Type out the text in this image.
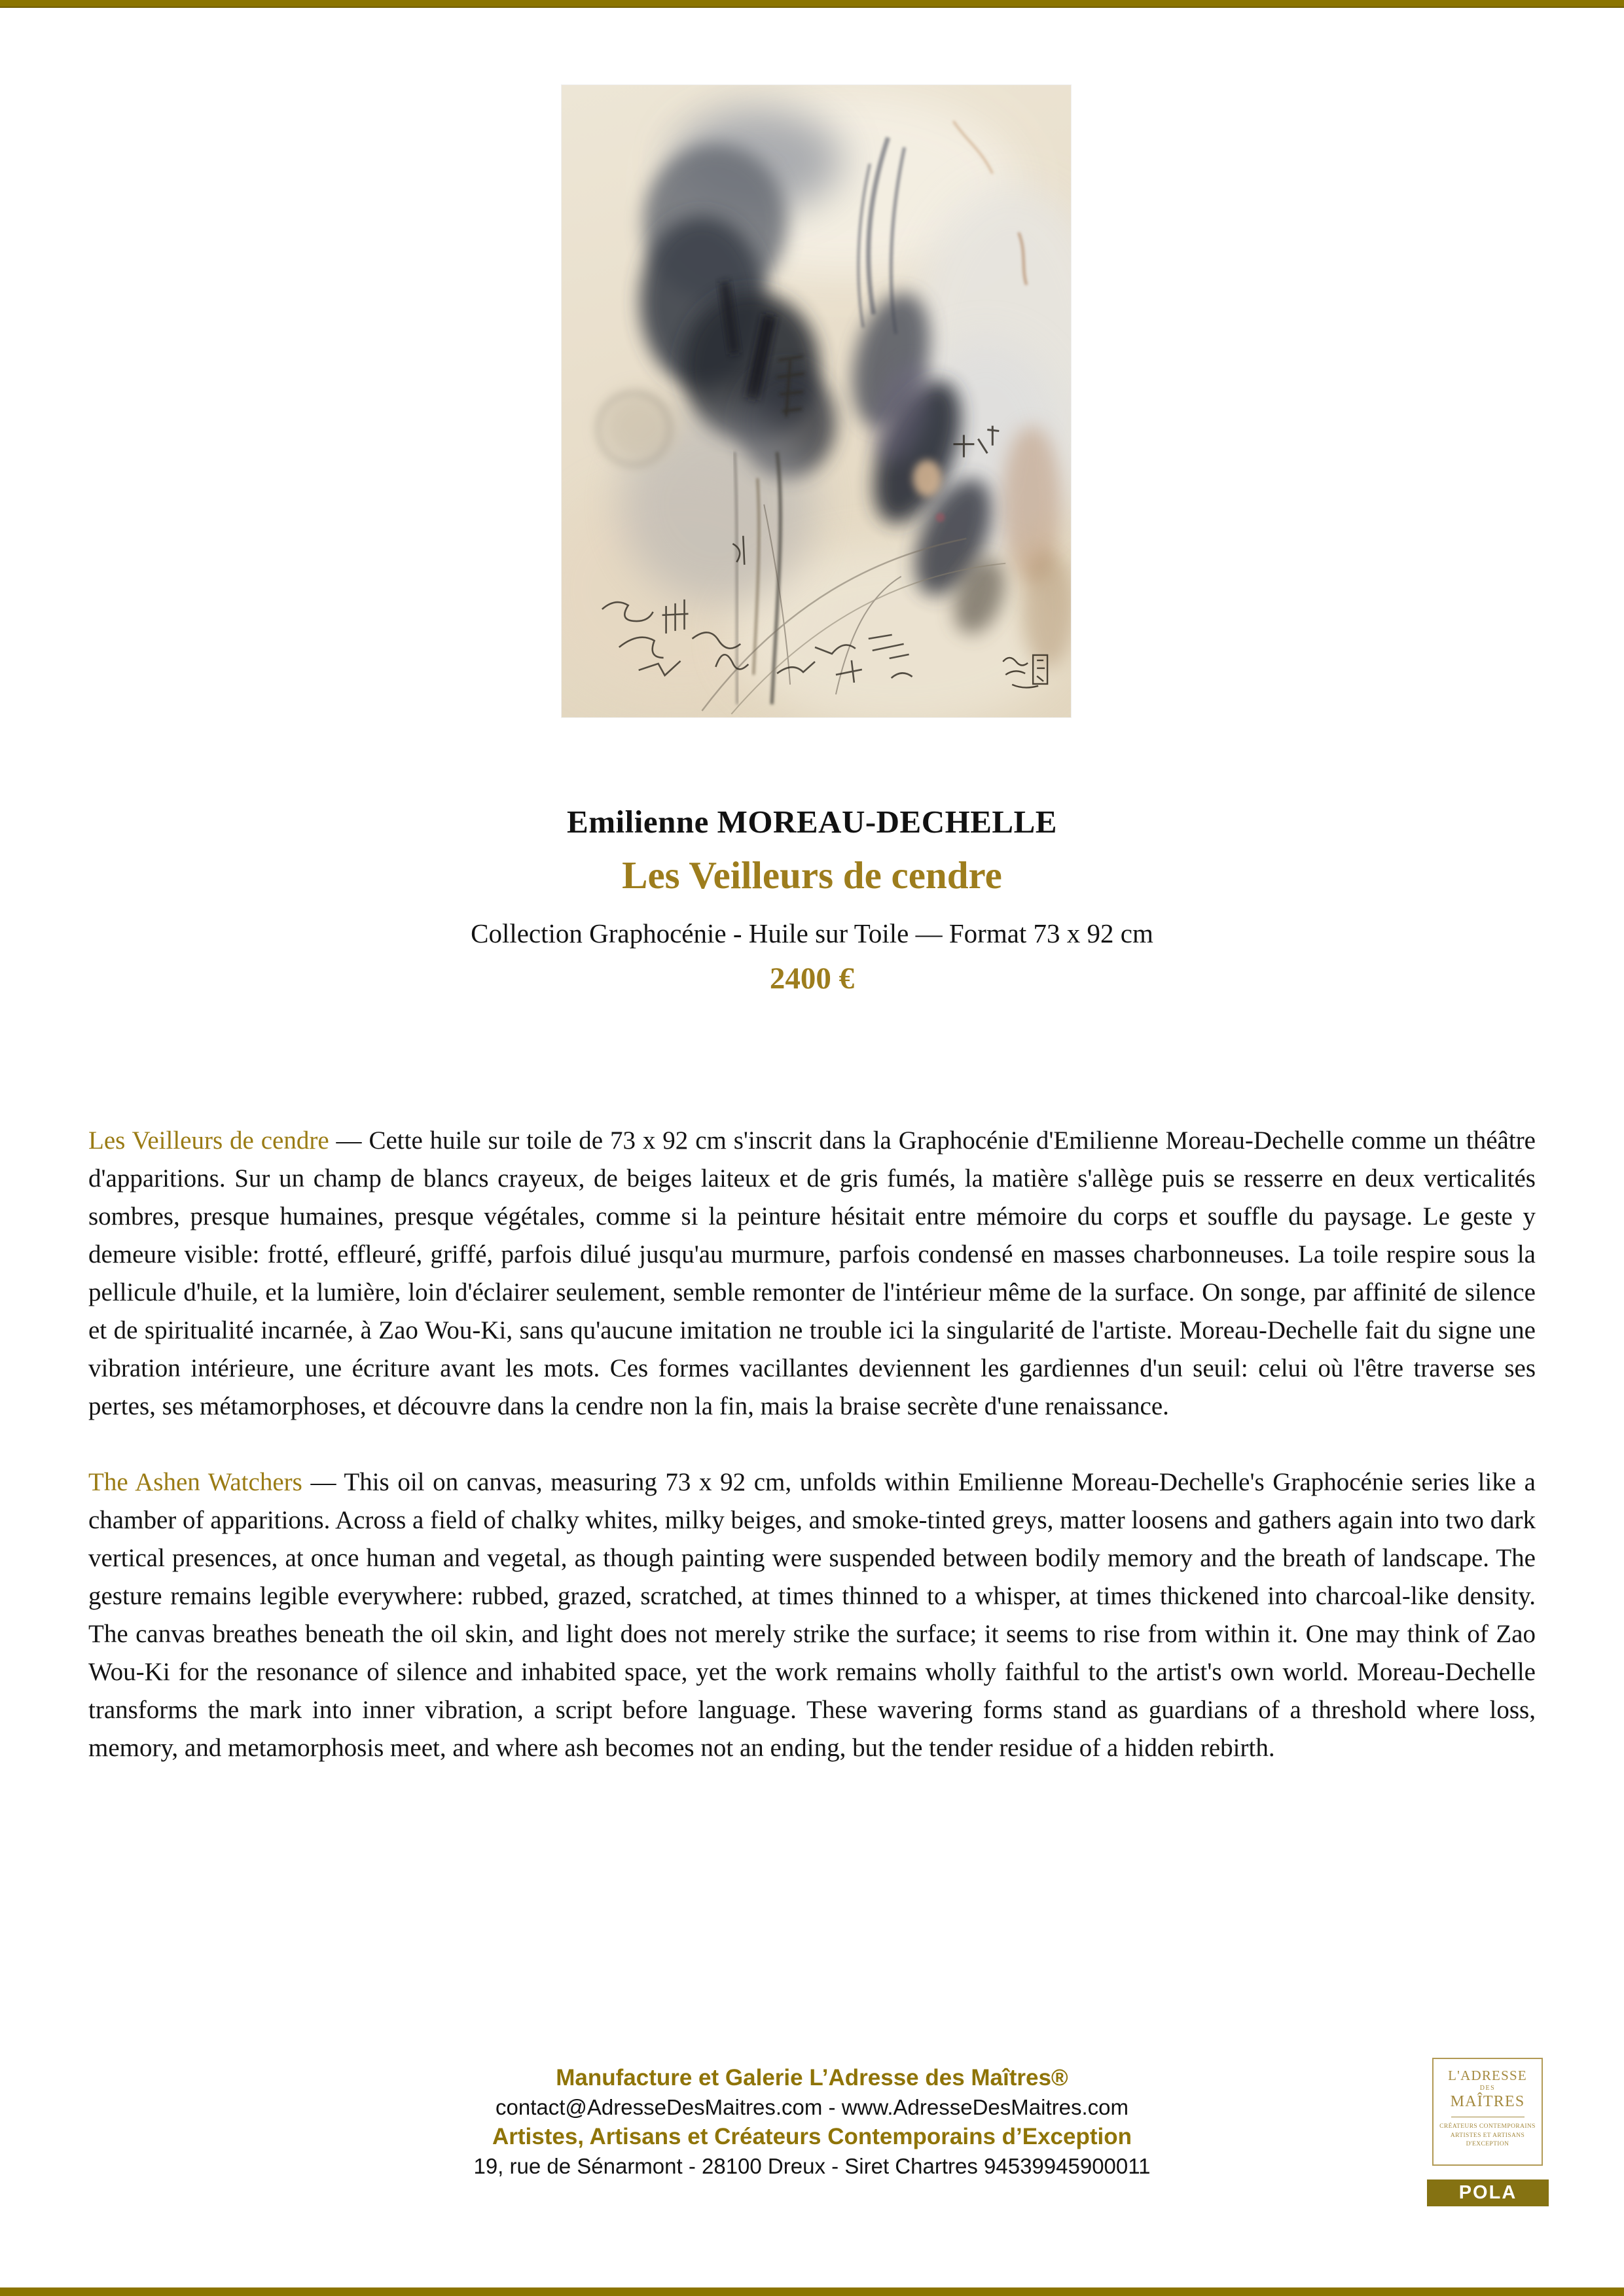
Emilienne MOREAU-DECHELLE
Les Veilleurs de cendre
Collection Graphocénie - Huile sur Toile — Format 73 x 92 cm
2400 €

Les Veilleurs de cendre — Cette huile sur toile de 73 x 92 cm s'inscrit dans la Graphocénie d'Emilienne Moreau-Dechelle comme un théâtre d'apparitions. Sur un champ de blancs crayeux, de beiges laiteux et de gris fumés, la matière s'allège puis se resserre en deux verticalités sombres, presque humaines, presque végétales, comme si la peinture hésitait entre mémoire du corps et souffle du paysage. Le geste y demeure visible: frotté, effleuré, griffé, parfois dilué jusqu'au murmure, parfois condensé en masses charbonneuses. La toile respire sous la pellicule d'huile, et la lumière, loin d'éclairer seulement, semble remonter de l'intérieur même de la surface. On songe, par affinité de silence et de spiritualité incarnée, à Zao Wou-Ki, sans qu'aucune imitation ne trouble ici la singularité de l'artiste. Moreau-Dechelle fait du signe une vibration intérieure, une écriture avant les mots. Ces formes vacillantes deviennent les gardiennes d'un seuil: celui où l'être traverse ses pertes, ses métamorphoses, et découvre dans la cendre non la fin, mais la braise secrète d'une renaissance.

The Ashen Watchers — This oil on canvas, measuring 73 x 92 cm, unfolds within Emilienne Moreau-Dechelle's Graphocénie series like a chamber of apparitions. Across a field of chalky whites, milky beiges, and smoke-tinted greys, matter loosens and gathers again into two dark vertical presences, at once human and vegetal, as though painting were suspended between bodily memory and the breath of landscape. The gesture remains legible everywhere: rubbed, grazed, scratched, at times thinned to a whisper, at times thickened into charcoal-like density. The canvas breathes beneath the oil skin, and light does not merely strike the surface; it seems to rise from within it. One may think of Zao Wou-Ki for the resonance of silence and inhabited space, yet the work remains wholly faithful to the artist's own world. Moreau-Dechelle transforms the mark into inner vibration, a script before language. These wavering forms stand as guardians of a threshold where loss, memory, and metamorphosis meet, and where ash becomes not an ending, but the tender residue of a hidden rebirth.

Manufacture et Galerie L’Adresse des Maîtres®
contact@AdresseDesMaitres.com - www.AdresseDesMaitres.com
Artistes, Artisans et Créateurs Contemporains d’Exception
19, rue de Sénarmont - 28100 Dreux - Siret Chartres 94539945900011
L'ADRESSE
DES
MAÎTRES
CRÉATEURS CONTEMPORAINS
ARTISTES ET ARTISANS
D'EXCEPTION
POLA
